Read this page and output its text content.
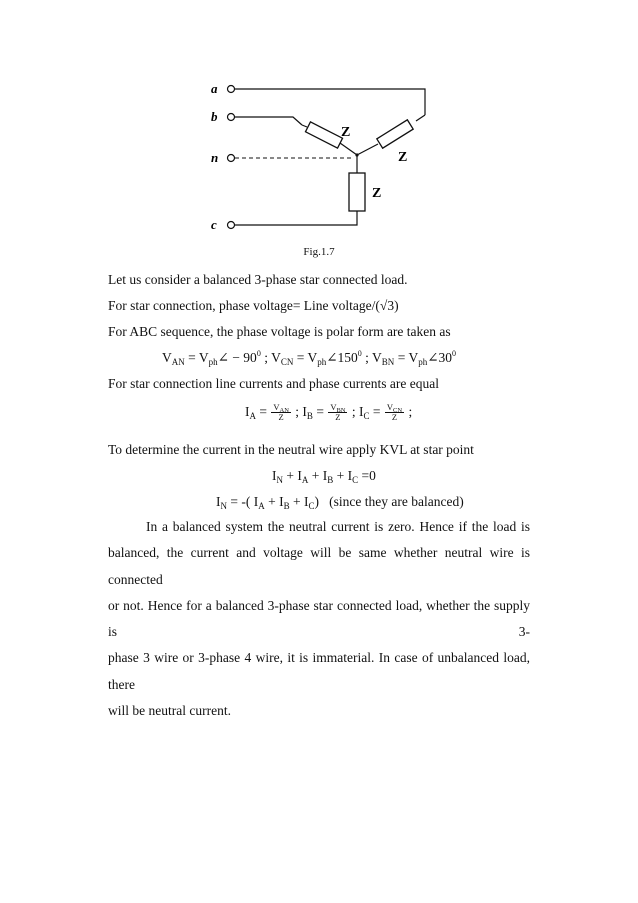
a
b
n
c
Z
Z
Z
Fig.1.7
Let us consider a balanced 3-phase star connected load.
For star connection, phase voltage= Line voltage/(√3)
For ABC sequence, the phase voltage is polar form are taken as
$V_{AN}$ = $V_{ph}\angle - 90^0$ ; $V_{CN}$ = $V_{ph}\angle 150^0$ ; $V_{BN}$ = $V_{ph}\angle 30^0$
For star connection line currents and phase currents are equal
$I_A = \frac{V_{AN}}{Z}$ ; $I_B = \frac{V_{BN}}{Z}$ ; $I_C = \frac{V_{CN}}{Z}$ ;
To determine the current in the neutral wire apply KVL at star point
$I_N + I_A + I_B + I_C =0$
$I_N$ = -( $I_A + I_B + I_C$)   (since they are balanced)
In a balanced system the neutral current is zero. Hence if the load is
balanced, the current and voltage will be same whether neutral wire is connected
or not. Hence for a balanced 3-phase star connected load, whether the supply is 3-
phase 3 wire or 3-phase 4 wire, it is immaterial. In case of unbalanced load, there
will be neutral current.
